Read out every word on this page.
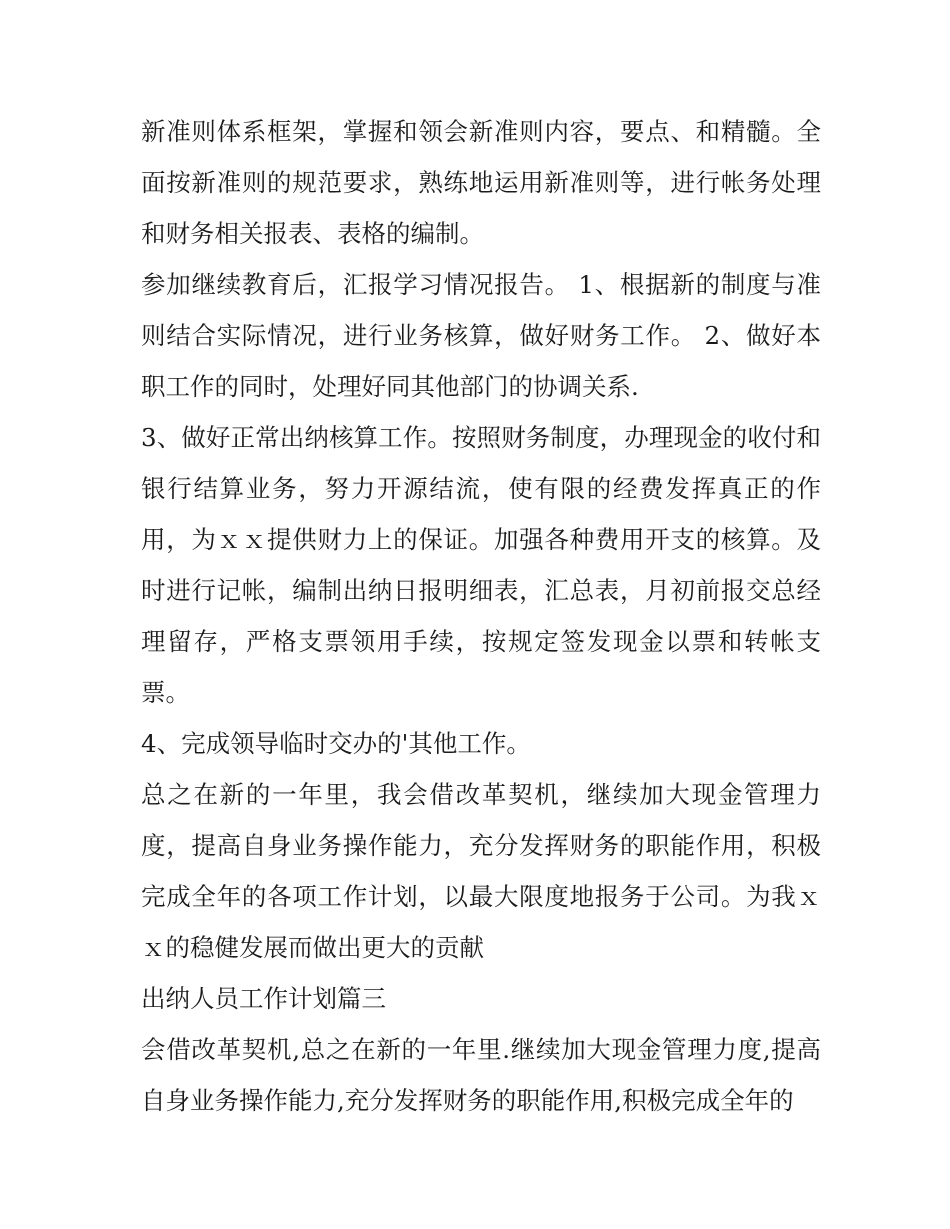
新准则体系框架，掌握和领会新准则内容，要点、和精髓。全面按新准则的规范要求，熟练地运用新准则等，进行帐务处理和财务相关报表、表格的编制。

参加继续教育后，汇报学习情况报告。 1、根据新的制度与准则结合实际情况，进行业务核算，做好财务工作。 2、做好本职工作的同时，处理好同其他部门的协调关系.

3、做好正常出纳核算工作。按照财务制度，办理现金的收付和银行结算业务，努力开源结流，使有限的经费发挥真正的作用，为ｘｘ提供财力上的保证。加强各种费用开支的核算。及时进行记帐，编制出纳日报明细表，汇总表，月初前报交总经理留存，严格支票领用手续，按规定签发现金以票和转帐支票。

4、完成领导临时交办的'其他工作。

总之在新的一年里，我会借改革契机，继续加大现金管理力度，提高自身业务操作能力，充分发挥财务的职能作用，积极完成全年的各项工作计划，以最大限度地报务于公司。为我ｘｘ的稳健发展而做出更大的贡献

出纳人员工作计划篇三

会借改革契机,总之在新的一年里.继续加大现金管理力度,提高自身业务操作能力,充分发挥财务的职能作用,积极完成全年的
